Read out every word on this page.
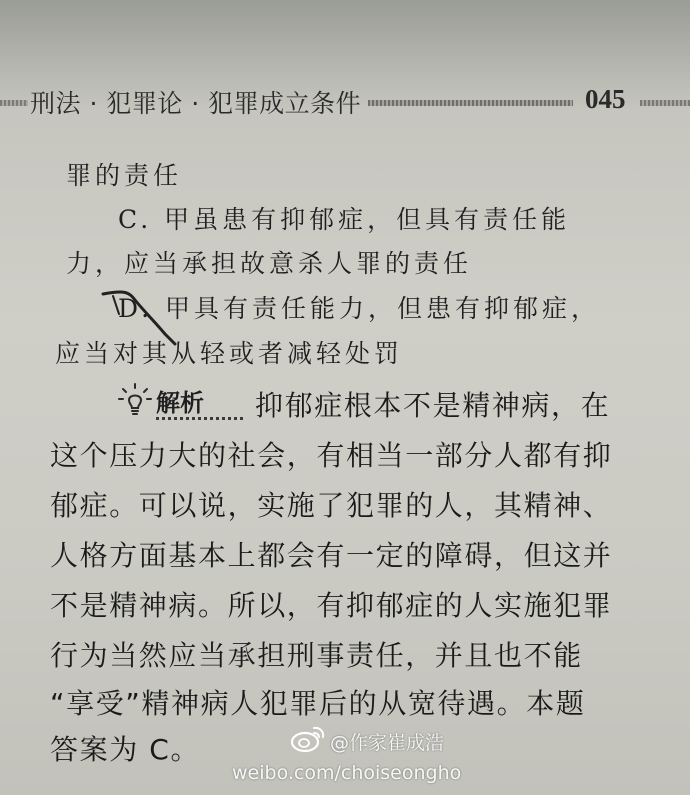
刑法 · 犯罪论 · 犯罪成立条件	045
罪的责任
C. 甲虽患有抑郁症，但具有责任能
力，应当承担故意杀人罪的责任
D. 甲具有责任能力，但患有抑郁症，
应当对其从轻或者减轻处罚
解析 抑郁症根本不是精神病，在
这个压力大的社会，有相当一部分人都有抑
郁症。可以说，实施了犯罪的人，其精神、
人格方面基本上都会有一定的障碍，但这并
不是精神病。所以，有抑郁症的人实施犯罪
行为当然应当承担刑事责任，并且也不能
“享受”精神病人犯罪后的从宽待遇。本题
答案为 C。	@作家崔成浩
weibo.com/choiseongho
